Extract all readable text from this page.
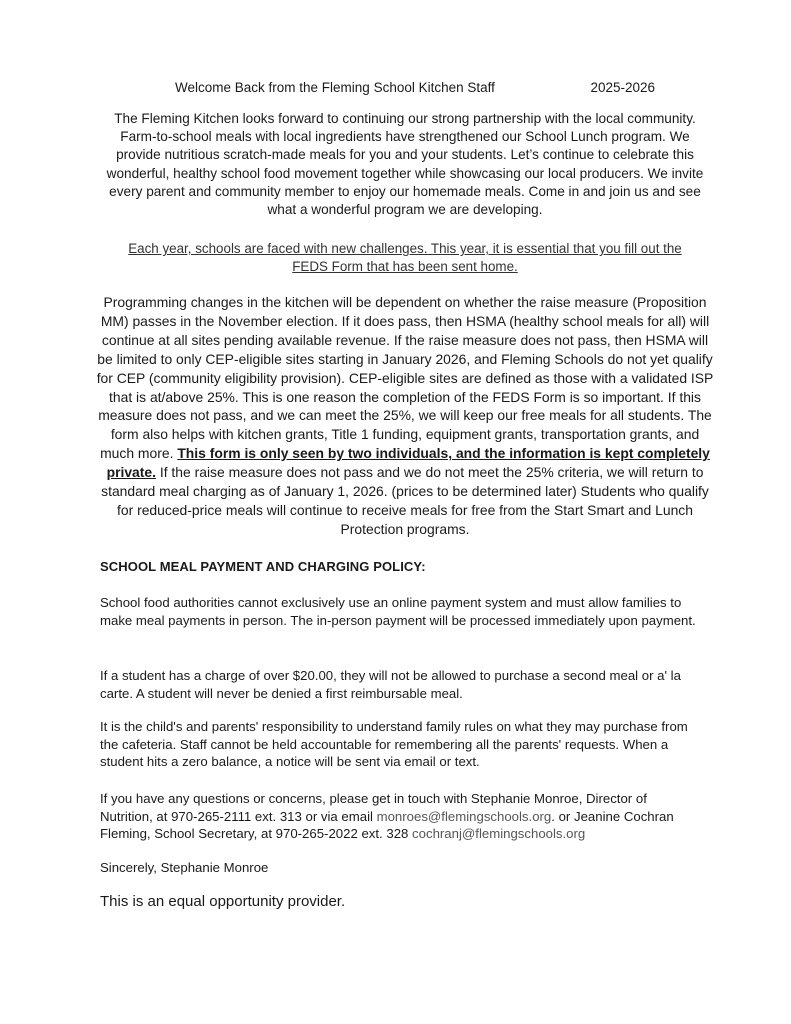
Welcome Back from the Fleming School Kitchen Staff	2025-2026
The Fleming Kitchen looks forward to continuing our strong partnership with the local community. Farm-to-school meals with local ingredients have strengthened our School Lunch program. We provide nutritious scratch-made meals for you and your students. Let’s continue to celebrate this wonderful, healthy school food movement together while showcasing our local producers. We invite every parent and community member to enjoy our homemade meals. Come in and join us and see what a wonderful program we are developing.
Each year, schools are faced with new challenges. This year, it is essential that you fill out the FEDS Form that has been sent home.
Programming changes in the kitchen will be dependent on whether the raise measure (Proposition MM) passes in the November election. If it does pass, then HSMA (healthy school meals for all) will continue at all sites pending available revenue. If the raise measure does not pass, then HSMA will be limited to only CEP-eligible sites starting in January 2026, and Fleming Schools do not yet qualify for CEP (community eligibility provision). CEP-eligible sites are defined as those with a validated ISP that is at/above 25%. This is one reason the completion of the FEDS Form is so important. If this measure does not pass, and we can meet the 25%, we will keep our free meals for all students. The form also helps with kitchen grants, Title 1 funding, equipment grants, transportation grants, and much more. This form is only seen by two individuals, and the information is kept completely private. If the raise measure does not pass and we do not meet the 25% criteria, we will return to standard meal charging as of January 1, 2026. (prices to be determined later) Students who qualify for reduced-price meals will continue to receive meals for free from the Start Smart and Lunch Protection programs.
SCHOOL MEAL PAYMENT AND CHARGING POLICY:
School food authorities cannot exclusively use an online payment system and must allow families to make meal payments in person. The in-person payment will be processed immediately upon payment.
If a student has a charge of over $20.00, they will not be allowed to purchase a second meal or a' la carte. A student will never be denied a first reimbursable meal.
It is the child's and parents' responsibility to understand family rules on what they may purchase from the cafeteria. Staff cannot be held accountable for remembering all the parents' requests. When a student hits a zero balance, a notice will be sent via email or text.
If you have any questions or concerns, please get in touch with Stephanie Monroe, Director of Nutrition, at 970-265-2111 ext. 313 or via email monroes@flemingschools.org. or Jeanine Cochran Fleming, School Secretary, at 970-265-2022 ext. 328 cochranj@flemingschools.org
Sincerely, Stephanie Monroe
This is an equal opportunity provider.
